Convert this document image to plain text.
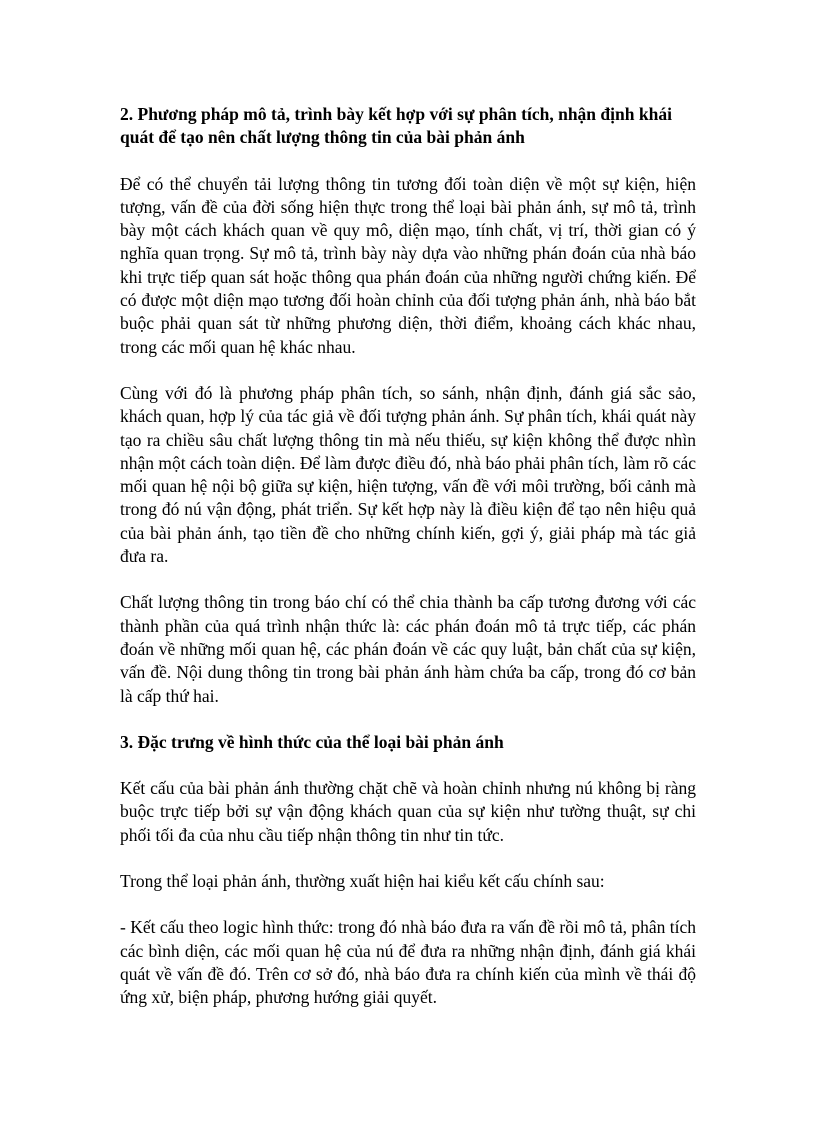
2. Phương pháp mô tả, trình bày kết hợp với sự phân tích, nhận định khái quát để tạo nên chất lượng thông tin của bài phản ánh
Để có thể chuyển tải lượng thông tin tương đối toàn diện về một sự kiện, hiện tượng, vấn đề của đời sống hiện thực trong thể loại bài phản ánh, sự mô tả, trình bày một cách khách quan về quy mô, diện mạo, tính chất, vị trí, thời gian có ý nghĩa quan trọng. Sự mô tả, trình bày này dựa vào những phán đoán của nhà báo khi trực tiếp quan sát hoặc thông qua phán đoán của những người chứng kiến. Để có được một diện mạo tương đối hoàn chỉnh của đối tượng phản ánh, nhà báo bắt buộc phải quan sát từ những phương diện, thời điểm, khoảng cách khác nhau, trong các mối quan hệ khác nhau.
Cùng với đó là phương pháp phân tích, so sánh, nhận định, đánh giá sắc sảo, khách quan, hợp lý của tác giả về đối tượng phản ánh. Sự phân tích, khái quát này tạo ra chiều sâu chất lượng thông tin mà nếu thiếu, sự kiện không thể được nhìn nhận một cách toàn diện. Để làm được điều đó, nhà báo phải phân tích, làm rõ các mối quan hệ nội bộ giữa sự kiện, hiện tượng, vấn đề với môi trường, bối cảnh mà trong đó nú vận động, phát triển. Sự kết hợp này là điều kiện để tạo nên hiệu quả của bài phản ánh, tạo tiền đề cho những chính kiến, gợi ý, giải pháp mà tác giả đưa ra.
Chất lượng thông tin trong báo chí có thể chia thành ba cấp tương đương với các thành phần của quá trình nhận thức là: các phán đoán mô tả trực tiếp, các phán đoán về những mối quan hệ, các phán đoán về các quy luật, bản chất của sự kiện, vấn đề. Nội dung thông tin trong bài phản ánh hàm chứa ba cấp, trong đó cơ bản là cấp thứ hai.
3. Đặc trưng về hình thức của thể loại bài phản ánh
Kết cấu của bài phản ánh thường chặt chẽ và hoàn chỉnh nhưng nú không bị ràng buộc trực tiếp bởi sự vận động khách quan của sự kiện như tường thuật, sự chi phối tối đa của nhu cầu tiếp nhận thông tin như tin tức.
Trong thể loại phản ánh, thường xuất hiện hai kiểu kết cấu chính sau:
- Kết cấu theo logic hình thức: trong đó nhà báo đưa ra vấn đề rồi mô tả, phân tích các bình diện, các mối quan hệ của nú để đưa ra những nhận định, đánh giá khái quát về vấn đề đó. Trên cơ sở đó, nhà báo đưa ra chính kiến của mình về thái độ ứng xử, biện pháp, phương hướng giải quyết.
